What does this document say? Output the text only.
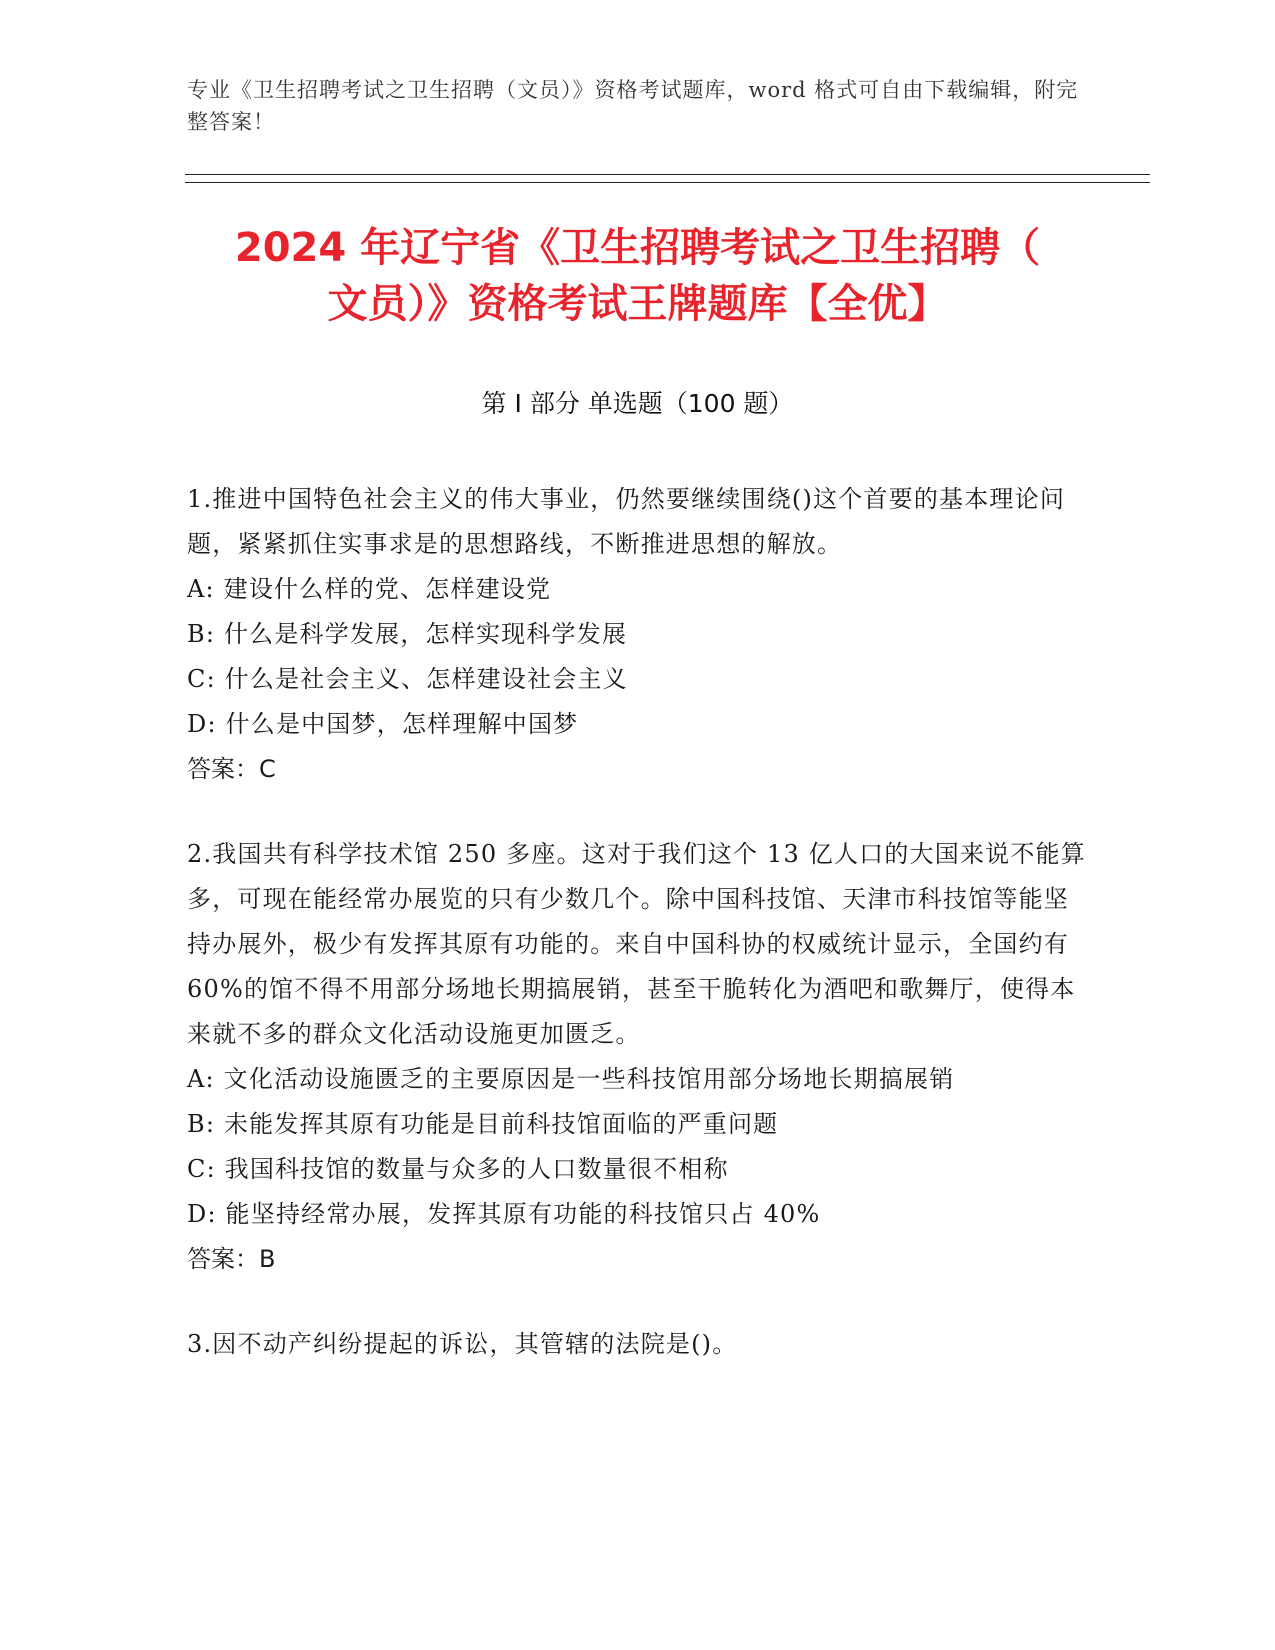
专业《卫生招聘考试之卫生招聘（文员）》资格考试题库，word 格式可自由下载编辑，附完整答案！
2024 年辽宁省《卫生招聘考试之卫生招聘（
文员）》资格考试王牌题库【全优】
第 I 部分 单选题（100 题）
1.推进中国特色社会主义的伟大事业，仍然要继续围绕()这个首要的基本理论问题，紧紧抓住实事求是的思想路线，不断推进思想的解放。
A: 建设什么样的党、怎样建设党
B: 什么是科学发展，怎样实现科学发展
C: 什么是社会主义、怎样建设社会主义
D: 什么是中国梦，怎样理解中国梦
答案：C
2.我国共有科学技术馆 250 多座。这对于我们这个 13 亿人口的大国来说不能算多，可现在能经常办展览的只有少数几个。除中国科技馆、天津市科技馆等能坚持办展外，极少有发挥其原有功能的。来自中国科协的权威统计显示，全国约有 60%的馆不得不用部分场地长期搞展销，甚至干脆转化为酒吧和歌舞厅，使得本来就不多的群众文化活动设施更加匮乏。
A: 文化活动设施匮乏的主要原因是一些科技馆用部分场地长期搞展销
B: 未能发挥其原有功能是目前科技馆面临的严重问题
C: 我国科技馆的数量与众多的人口数量很不相称
D: 能坚持经常办展，发挥其原有功能的科技馆只占 40%
答案：B
3.因不动产纠纷提起的诉讼，其管辖的法院是()。
